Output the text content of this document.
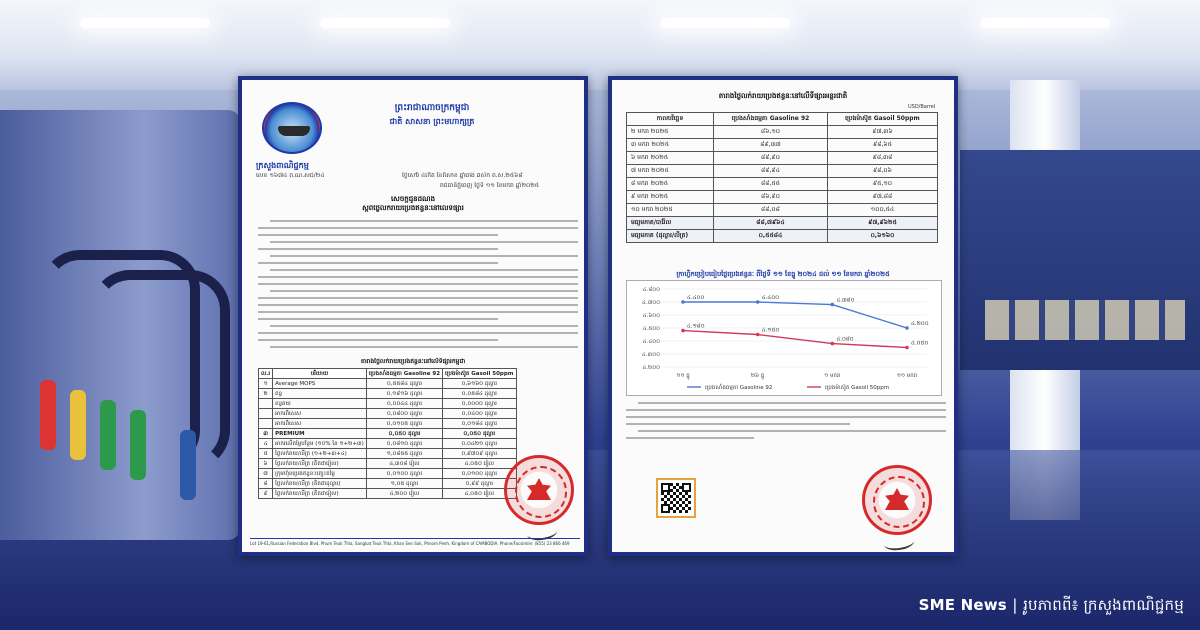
ព្រះរាជាណាចក្រកម្ពុជា
ជាតិ សាសនា ព្រះមហាក្សត្រ
ក្រសួងពាណិជ្ជកម្ម
លេខ ១៦៧៤ ព.ណ.សជ/២៤	ថ្ងៃសៅរ៍ ៤កើត ខែពិសាខ ឆ្នាំរោង ឆស័ក ព.ស.២៥៦៨
រាជធានីភ្នំពេញ ថ្ងៃទី ១១ ខែមករា ឆ្នាំ២០២៥
សេចក្ដីជូនដំណឹង
ស្ដីពីថ្លៃលក់រាយប្រេងឥន្ធនៈនៅលើទីផ្សារ
តារាងថ្លៃលក់រាយប្រេងឥន្ធនៈនៅលើទីផ្សារកម្ពុជា
ល.រ	បរិយាយ	ប្រេងសាំងធម្មតា Gasoline 92	ប្រេងម៉ាស៊ូត Gasoil 50ppm
១	Average MOPS	០,៥៥៨៤ ដុល្លារ	០,៦១៦០ ដុល្លារ
២	ពន្ធ	០,១៩១៦ ដុល្លារ	០,០៥៨៤ ដុល្លារ
	ពន្ធគយ	០,០០៤៤ ដុល្លារ	០,០០០០ ដុល្លារ
	អាករពិសេស	០,០៨០០ ដុល្លារ	០,០៤០០ ដុល្លារ
	អាករពិសេស	០,០១០៥ ដុល្លារ	០,០១៨៤ ដុល្លារ
៣	PREMIUM	០,០៥០ ដុល្លារ	០,០៥០ ដុល្លារ
៤	អាករលើតម្លៃបន្ថែម (១០% នៃ ១+២+៣)	០,០៨១០ ដុល្លារ	០,០៤២១ ដុល្លារ
៥	ថ្លៃលក់រាយ/លីត្រ (១+២+៣+៤)	១,០៨៥៥ ដុល្លារ	០,៩៧០៩ ដុល្លារ
៦	ថ្លៃលក់រាយ/លីត្រ (គិតជារៀល)	៤,៣០៨ រៀល	៤,០៥០ រៀល
៧	ក្រុមហ៊ុនប្រេងឥន្ធនៈបញ្ចុះតម្លៃ	០,០១០០ ដុល្លារ	០,០១០០ ដុល្លារ
៨	ថ្លៃលក់រាយ/លីត្រ (គិតជាដុល្លារ)	១,០៥ ដុល្លារ	០,៩៩ ដុល្លារ
៩	ថ្លៃលក់រាយ/លីត្រ (គិតជារៀល)	៤,២០០ រៀល	៤,០៥០ រៀល
Lot 19-61,Russian Federation Blvd, Phum Teuk Thla, Sangkat Teuk Thla, Khan Sen Sok, Phnom Penh, Kingdom of CAMBODIA. Phone/Facsimile: (855) 23 866 469
តារាងថ្លៃលក់រាយប្រេងឥន្ធនៈនៅលើទីផ្សារអន្តរជាតិ
USD/Barrel
កាលបរិច្ឆេទ	ប្រេងសាំងធម្មតា Gasoline 92	ប្រេងម៉ាស៊ូត Gasoil 50ppm
២ មករា ២០២៥	៨៦,១០	៩៧,៣៦
៣ មករា ២០២៥	៨៩,៣៧	៩៨,៦៥
៦ មករា ២០២៥	៨៩,៩០	៩៨,៣៨
៧ មករា ២០២៥	៨៩,៩៤	៩៨,០៦
៨ មករា ២០២៥	៨៨,៥៥	៩៥,១០
៩ មករា ២០២៥	៨៦,៩០	៩៧,៨៨
១០ មករា ២០២៥	៨៨,០៨	១០០,៥៤
មធ្យមភាគ/បារ៉ែល	៨៨,៧៩៦៤	៩៧,៩៦២៥
មធ្យមភាគ (ដុល្លារ/លីត្រ)	០,៥៥៨៤	០,៦១៦០
ក្រាហ្វិកប្រៀបធៀបថ្លៃប្រេងឥន្ធនៈ ពីថ្ងៃទី ១១ ខែធ្នូ ២០២៤ ដល់ ១១ ខែមករា ឆ្នាំ២០២៥
៤.២០០
៤.៣០០
៤.៤០០
៤.៥០០
៤.៦០០
៤.៧០០
៤.៨០០
១១ ធ្នូ	២៦ ធ្នូ	១ មករា	១១ មករា
៤.៤០០	៤.៤០០	៤.៣៨០
៤.២០០
ប្រេងសាំងធម្មតា Gasoline 92
៤.១៨០
៤.១៥០
៤.០៨០
៤.០៥០
ប្រេងម៉ាស៊ូត Gasoil 50ppm
SME News | រូបភាពពី៖ ក្រសួងពាណិជ្ជកម្ម
